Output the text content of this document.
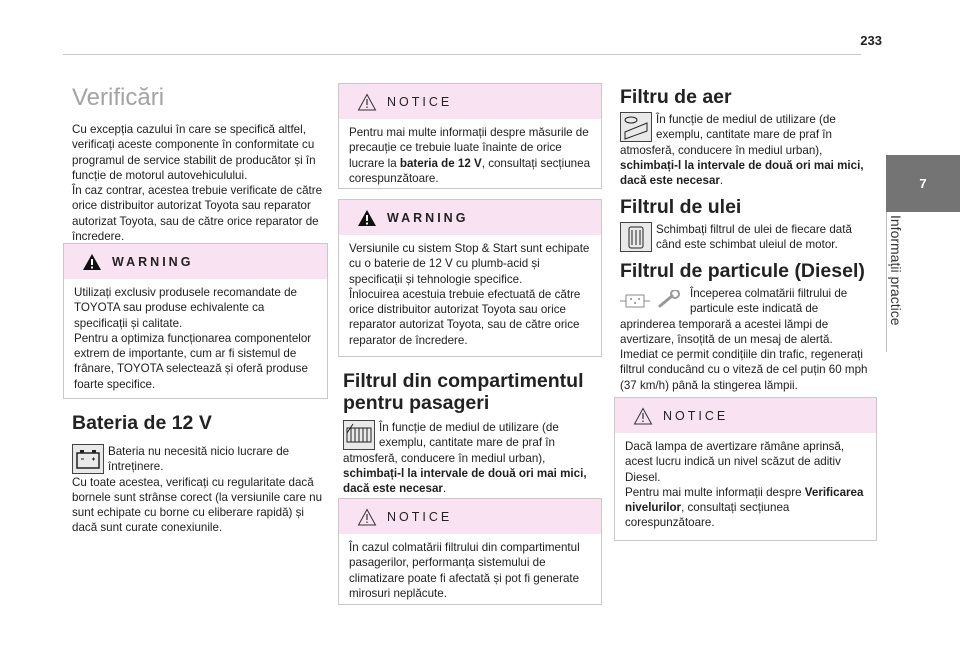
233
7
Informații practice
Verificări

Cu excepția cazului în care se specifică altfel, verificați aceste componente în conformitate cu programul de service stabilit de producător și în funcție de motorul autovehiculului.

În caz contrar, acestea trebuie verificate de către orice distribuitor autorizat Toyota sau reparator autorizat Toyota, sau de către orice reparator de încredere.

WARNING

Utilizați exclusiv produsele recomandate de TOYOTA sau produse echivalente ca specificații și calitate.

Pentru a optimiza funcționarea componentelor extrem de importante, cum ar fi sistemul de frânare, TOYOTA selectează și oferă produse foarte specifice.

Bateria de 12 V

Bateria nu necesită nicio lucrare de întreținere.

Cu toate acestea, verificați cu regularitate dacă bornele sunt strânse corect (la versiunile care nu sunt echipate cu borne cu eliberare rapidă) și dacă sunt curate conexiunile.

NOTICE

Pentru mai multe informații despre măsurile de precauție ce trebuie luate înainte de orice lucrare la bateria de 12 V, consultați secțiunea corespunzătoare.

WARNING

Versiunile cu sistem Stop & Start sunt echipate cu o baterie de 12 V cu plumb-acid și specificații și tehnologie specifice.

Înlocuirea acestuia trebuie efectuată de către orice distribuitor autorizat Toyota sau orice reparator autorizat Toyota, sau de către orice reparator de încredere.

Filtrul din compartimentul
pentru pasageri

În funcție de mediul de utilizare (de exemplu, cantitate mare de praf în atmosferă, conducere în mediul urban), schimbați-l la intervale de două ori mai mici, dacă este necesar.

NOTICE

În cazul colmatării filtrului din compartimentul pasagerilor, performanța sistemului de climatizare poate fi afectată și pot fi generate mirosuri neplăcute.

Filtru de aer

În funcție de mediul de utilizare (de exemplu, cantitate mare de praf în atmosferă, conducere în mediul urban), schimbați-l la intervale de două ori mai mici, dacă este necesar.

Filtrul de ulei

Schimbați filtrul de ulei de fiecare dată când este schimbat uleiul de motor.

Filtrul de particule (Diesel)

Începerea colmatării filtrului de particule este indicată de aprinderea temporară a acestei lămpi de avertizare, însoțită de un mesaj de alertă. Imediat ce permit condițiile din trafic, regenerați filtrul conducând cu o viteză de cel puțin 60 mph (37 km/h) până la stingerea lămpii.

NOTICE

Dacă lampa de avertizare rămâne aprinsă, acest lucru indică un nivel scăzut de aditiv Diesel.

Pentru mai multe informații despre Verificarea nivelurilor, consultați secțiunea corespunzătoare.
